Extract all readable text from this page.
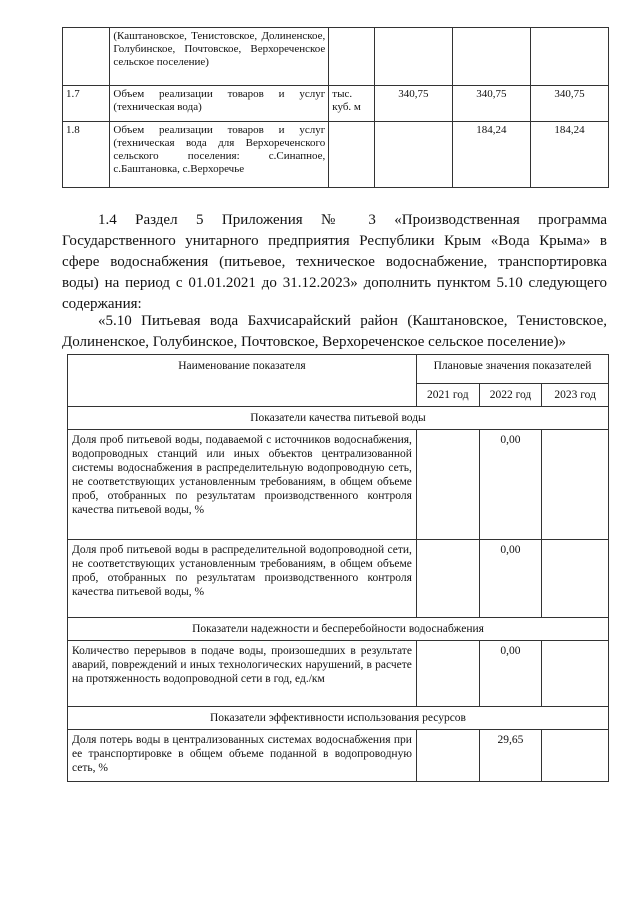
	(Каштановское, Тенистовское, Долиненское, Голубинское, Почтовское, Верхореченское сельское поселение)				
1.7	Объем реализации товаров и услуг (техническая вода)	тыс. куб. м	340,75	340,75	340,75
1.8	Объем реализации товаров и услуг (техническая вода для Верхореченского сельского поселения: с.Синапное, с.Баштановка, с.Верхоречье			184,24	184,24
1.4 Раздел 5 Приложения № 3 «Производственная программа Государственного унитарного предприятия Республики Крым «Вода Крыма» в сфере водоснабжения (питьевое, техническое водоснабжение, транспортировка воды) на период с 01.01.2021 до 31.12.2023» дополнить пунктом 5.10 следующего содержания:
«5.10 Питьевая вода Бахчисарайский район (Каштановское, Тенистовское, Долиненское, Голубинское, Почтовское, Верхореченское сельское поселение)»
Наименование показателя	Плановые значения показателей		
	2021 год	2022 год	2023 год
Показатели качества питьевой воды			
Доля проб питьевой воды, подаваемой с источников водоснабжения, водопроводных станций или иных объектов централизованной системы водоснабжения в распределительную водопроводную сеть, не соответствующих установленным требованиям, в общем объеме проб, отобранных по результатам производственного контроля качества питьевой воды, %		0,00	
Доля проб питьевой воды в распределительной водопроводной сети, не соответствующих установленным требованиям, в общем объеме проб, отобранных по результатам производственного контроля качества питьевой воды, %		0,00	
Показатели надежности и бесперебойности водоснабжения			
Количество перерывов в подаче воды, произошедших в результате аварий, повреждений и иных технологических нарушений, в расчете на протяженность водопроводной сети в год, ед./км		0,00	
Показатели эффективности использования ресурсов			
Доля потерь воды в централизованных системах водоснабжения при ее транспортировке в общем объеме поданной в водопроводную сеть, %		29,65	
